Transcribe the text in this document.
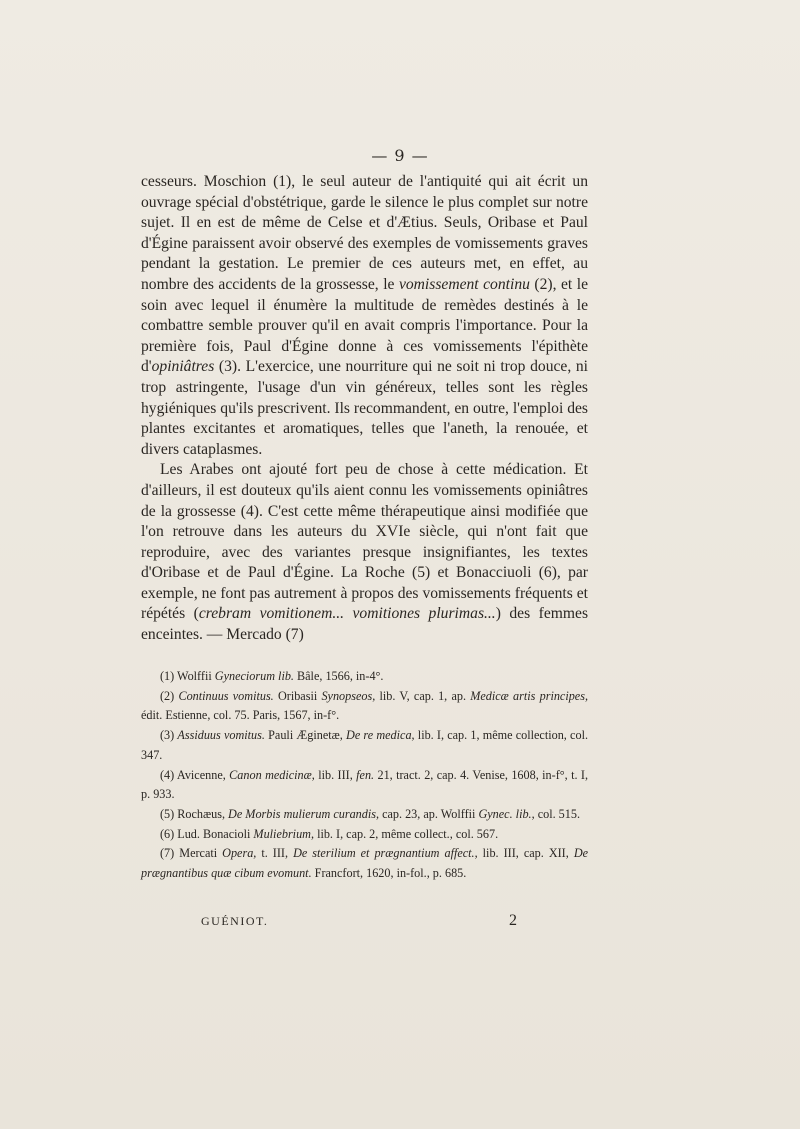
— 9 —

cesseurs. Moschion (1), le seul auteur de l'antiquité qui ait écrit un ouvrage spécial d'obstétrique, garde le silence le plus complet sur notre sujet. Il en est de même de Celse et d'Ætius. Seuls, Oribase et Paul d'Égine paraissent avoir observé des exemples de vomissements graves pendant la gestation. Le premier de ces auteurs met, en effet, au nombre des accidents de la grossesse, le vomissement continu (2), et le soin avec lequel il énumère la multitude de remèdes destinés à le combattre semble prouver qu'il en avait compris l'importance. Pour la première fois, Paul d'Égine donne à ces vomissements l'épithète d'opiniâtres (3). L'exercice, une nourriture qui ne soit ni trop douce, ni trop astringente, l'usage d'un vin généreux, telles sont les règles hygiéniques qu'ils prescrivent. Ils recommandent, en outre, l'emploi des plantes excitantes et aromatiques, telles que l'aneth, la renouée, et divers cataplasmes.

Les Arabes ont ajouté fort peu de chose à cette médication. Et d'ailleurs, il est douteux qu'ils aient connu les vomissements opiniâtres de la grossesse (4). C'est cette même thérapeutique ainsi modifiée que l'on retrouve dans les auteurs du XVIe siècle, qui n'ont fait que reproduire, avec des variantes presque insignifiantes, les textes d'Oribase et de Paul d'Égine. La Roche (5) et Bonacciuoli (6), par exemple, ne font pas autrement à propos des vomissements fréquents et répétés (crebram vomitionem... vomitiones plurimas...) des femmes enceintes. — Mercado (7)

(1) Wolffii Gyneciorum lib. Bâle, 1566, in-4°.

(2) Continuus vomitus. Oribasii Synopseos, lib. V, cap. 1, ap. Medicæ artis principes, édit. Estienne, col. 75. Paris, 1567, in-f°.

(3) Assiduus vomitus. Pauli Æginetæ, De re medica, lib. I, cap. 1, même collection, col. 347.

(4) Avicenne, Canon medicinæ, lib. III, fen. 21, tract. 2, cap. 4. Venise, 1608, in-f°, t. I, p. 933.

(5) Rochæus, De Morbis mulierum curandis, cap. 23, ap. Wolffii Gynec. lib., col. 515.

(6) Lud. Bonacioli Muliebrium, lib. I, cap. 2, même collect., col. 567.

(7) Mercati Opera, t. III, De sterilium et prægnantium affect., lib. III, cap. XII, De prægnantibus quæ cibum evomunt. Francfort, 1620, in-fol., p. 685.

GUÉNIOT.	2
